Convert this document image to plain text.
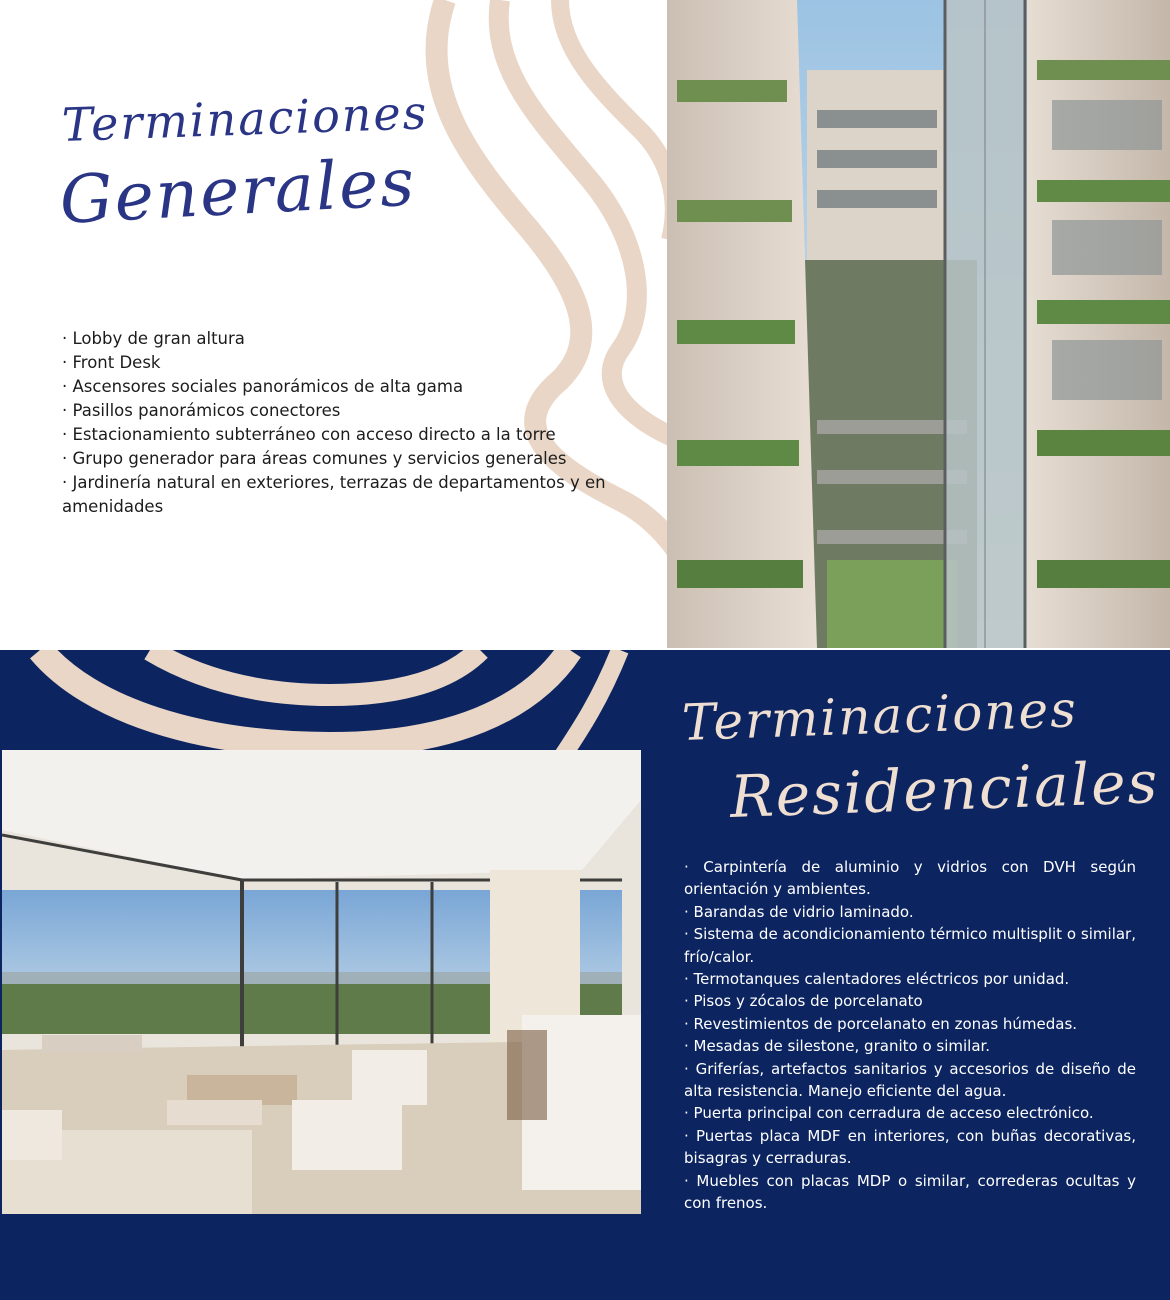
Terminaciones
Generales
· Lobby de gran altura
· Front Desk
· Ascensores sociales panorámicos de alta gama
· Pasillos panorámicos conectores
· Estacionamiento subterráneo con acceso directo a la torre
· Grupo generador para áreas comunes y servicios generales
· Jardinería natural en exteriores, terrazas de departamentos y en amenidades
Terminaciones
Residenciales
· Carpintería de aluminio y vidrios con DVH según orientación y ambientes.
· Barandas de vidrio laminado.
· Sistema de acondicionamiento térmico multisplit o similar, frío/calor.
· Termotanques calentadores eléctricos por unidad.
· Pisos y zócalos de porcelanato
· Revestimientos de porcelanato en zonas húmedas.
· Mesadas de silestone, granito o similar.
· Griferías, artefactos sanitarios y accesorios de diseño de alta resistencia. Manejo eficiente del agua.
· Puerta principal con cerradura de acceso electrónico.
· Puertas placa MDF en interiores, con buñas decorativas, bisagras y cerraduras.
· Muebles con placas MDP o similar, correderas ocultas y con frenos.
